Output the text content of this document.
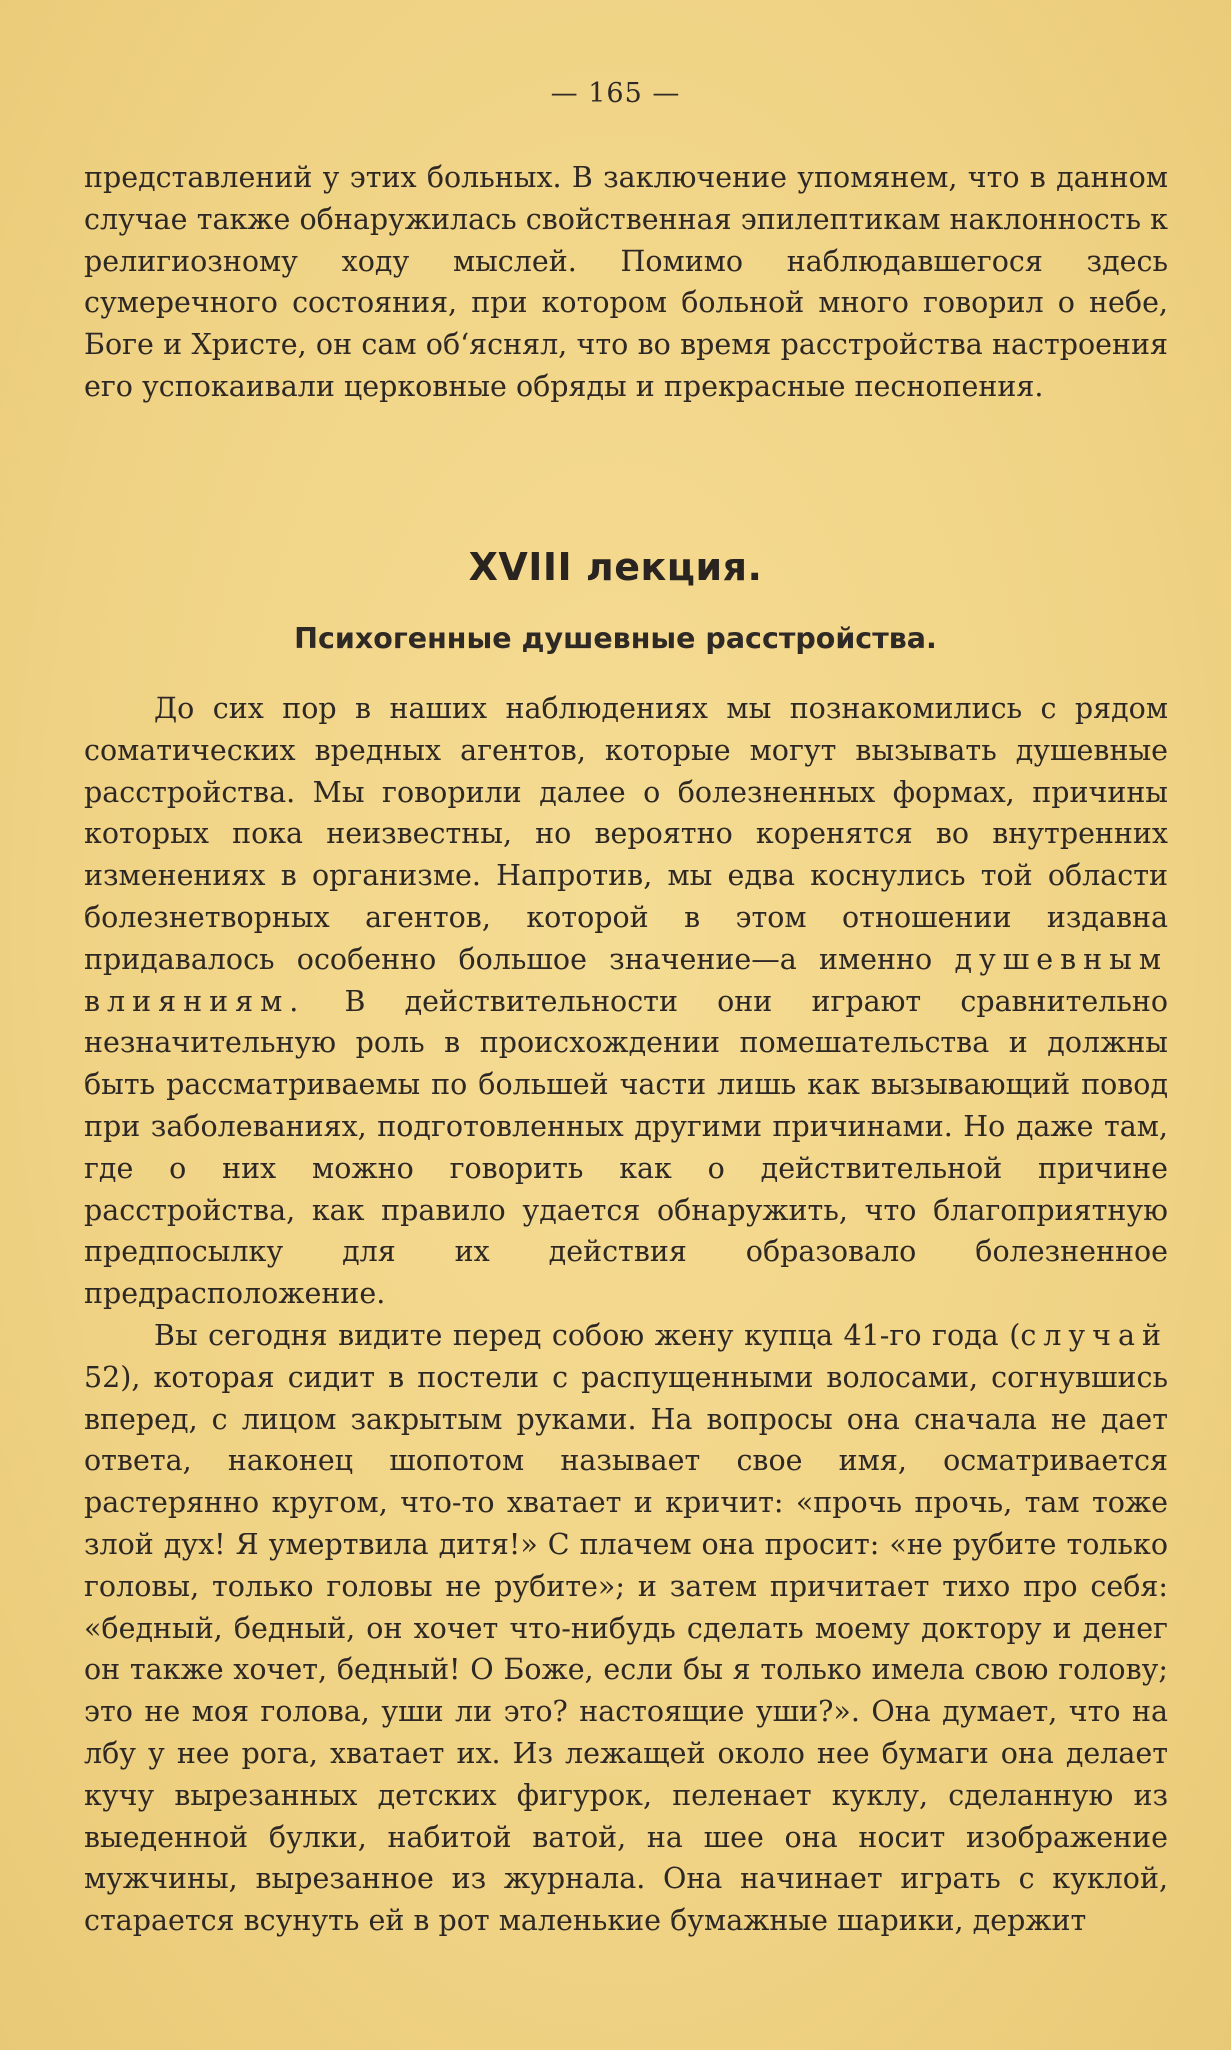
— 165 —

представлений у этих больных. В заключение упомянем, что в данном случае также обнаружилась свойственная эпилептикам наклонность к религиозному ходу мыслей. Помимо наблюдавшегося здесь сумеречного состояния, при котором больной много говорил о небе, Боге и Христе, он сам об‘яснял, что во время расстройства настроения его успокаивали церковные обряды и прекрасные песнопения.

XVIII лекция.
Психогенные душевные расстройства.

До сих пор в наших наблюдениях мы познакомились с рядом соматических вредных агентов, которые могут вызывать душевные расстройства. Мы говорили далее о болезненных формах, причины которых пока неизвестны, но вероятно коренятся во внутренних изменениях в организме. Напротив, мы едва коснулись той области болезнетворных агентов, которой в этом отношении издавна придавалось особенно большое значение—а именно душевным влияниям. В действительности они играют сравнительно незначительную роль в происхождении помешательства и должны быть рассматриваемы по большей части лишь как вызывающий повод при заболеваниях, подготовленных другими причинами. Но даже там, где о них можно говорить как о действительной причине расстройства, как правило удается обнаружить, что благоприятную предпосылку для их действия образовало болезненное предрасположение.

Вы сегодня видите перед собою жену купца 41-го года (случай 52), которая сидит в постели с распущенными волосами, согнувшись вперед, с лицом закрытым руками. На вопросы она сначала не дает ответа, наконец шопотом называет свое имя, осматривается растерянно кругом, что-то хватает и кричит: «прочь прочь, там тоже злой дух! Я умертвила дитя!» С плачем она просит: «не рубите только головы, только головы не рубите»; и затем причитает тихо про себя: «бедный, бедный, он хочет что-нибудь сделать моему доктору и денег он также хочет, бедный! О Боже, если бы я только имела свою голову; это не моя голова, уши ли это? настоящие уши?». Она думает, что на лбу у нее рога, хватает их. Из лежащей около нее бумаги она делает кучу вырезанных детских фигурок, пеленает куклу, сделанную из выеденной булки, набитой ватой, на шее она носит изображение мужчины, вырезанное из журнала. Она начинает играть с куклой, старается всунуть ей в рот маленькие бумажные шарики, держит
